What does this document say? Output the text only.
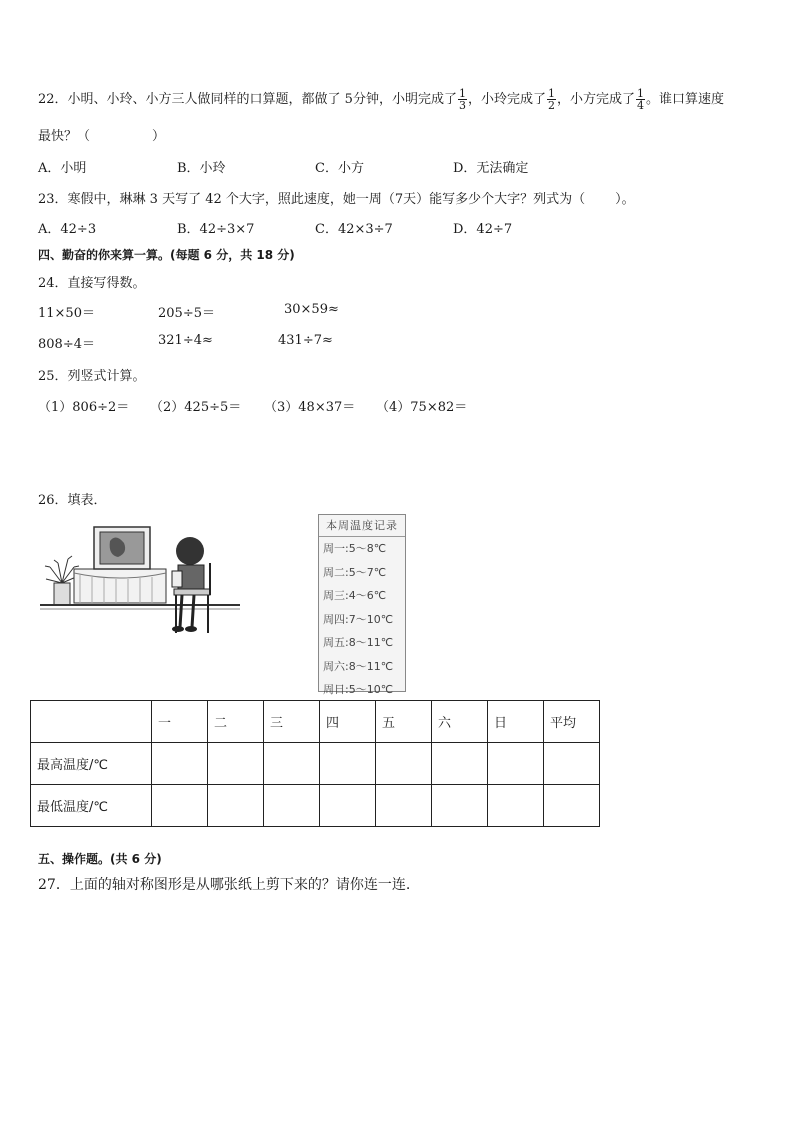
22．小明、小玲、小方三人做同样的口算题，都做了 5分钟，小明完成了 $\frac{1}{3}$ ，小玲完成了 $\frac{1}{2}$ ，小方完成了 $\frac{1}{4}$ 。谁口算速度
最快？（	）
A．小明	B．小玲	C．小方	D．无法确定
23．寒假中，琳琳 3 天写了 42 个大字，照此速度，她一周（7天）能写多少个大字？列式为（ ）。
A．42÷3	B．42÷3×7	C．42×3÷7	D．42÷7
四、勤奋的你来算一算。(每题 6 分，共 18 分)
24．直接写得数。
11×50＝	205÷5＝	30×59≈
808÷4＝	321÷4≈	431÷7≈
25．列竖式计算。
（1）806÷2＝ （2）425÷5＝ （3）48×37＝ （4）75×82＝
26．填表．
本周温度记录
周一:5～8℃
周二:5～7℃
周三:4～6℃
周四:7～10℃
周五:8～11℃
周六:8～11℃
周日:5～10℃
	一	二	三	四	五	六	日	平均
最高温度/℃								
最低温度/℃								
五、操作题。(共 6 分)
27．上面的轴对称图形是从哪张纸上剪下来的？请你连一连.
